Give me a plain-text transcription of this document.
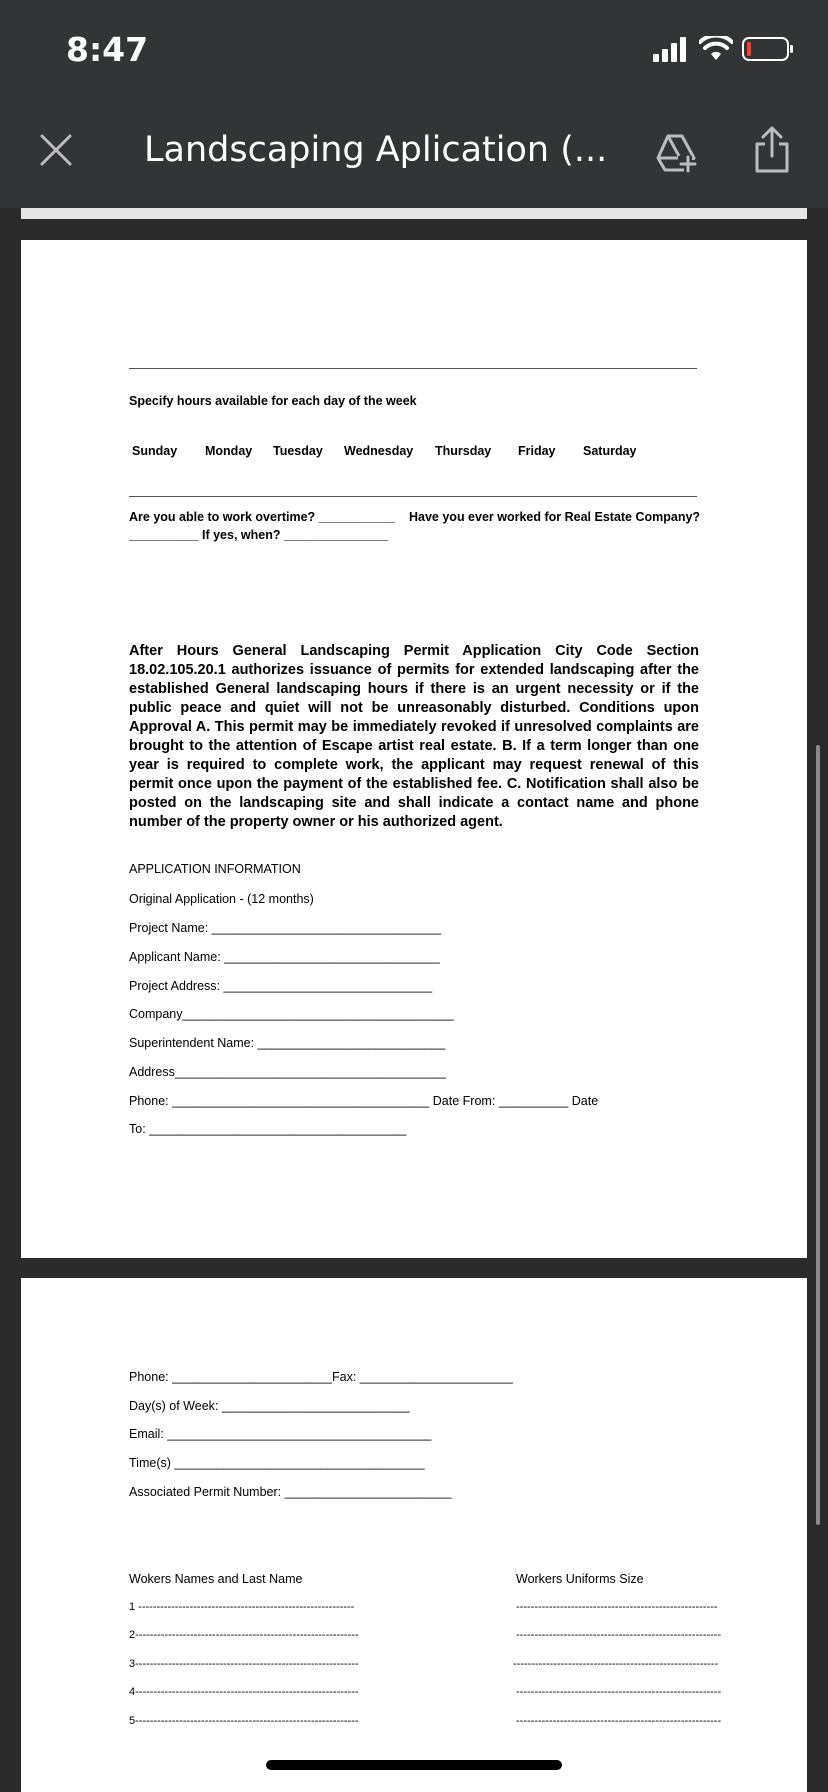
8:47
Landscaping Aplication (...
Specify hours available for each day of the week
Sunday Monday Tuesday Wednesday Thursday Friday Saturday
Are you able to work overtime? ___________ Have you ever worked for Real Estate Company?
__________ If yes, when? _______________
After Hours General Landscaping Permit Application City Code Section 18.02.105.20.1 authorizes issuance of permits for extended landscaping after the established General landscaping hours if there is an urgent necessity or if the public peace and quiet will not be unreasonably disturbed. Conditions upon Approval A. This permit may be immediately revoked if unresolved complaints are brought to the attention of Escape artist real estate. B. If a term longer than one year is required to complete work, the applicant may request renewal of this permit once upon the payment of the established fee. C. Notification shall also be posted on the landscaping site and shall indicate a contact name and phone number of the property owner or his authorized agent.
APPLICATION INFORMATION
Original Application - (12 months)
Project Name: _________________________________
Applicant Name: _______________________________
Project Address: ______________________________
Company_______________________________________
Superintendent Name: ___________________________
Address_______________________________________
Phone: _____________________________________ Date From: __________ Date
To: _____________________________________
Phone: _______________________Fax: ______________________
Day(s) of Week: ___________________________
Email: ______________________________________
Time(s) ____________________________________
Associated Permit Number: ________________________
Wokers Names and Last Name	Workers Uniforms Size
1 -----------------------------------------------------------
2-------------------------------------------------------------
3-------------------------------------------------------------
4-------------------------------------------------------------
5-------------------------------------------------------------
-------------------------------------------------------
--------------------------------------------------------
--------------------------------------------------------
--------------------------------------------------------
--------------------------------------------------------
